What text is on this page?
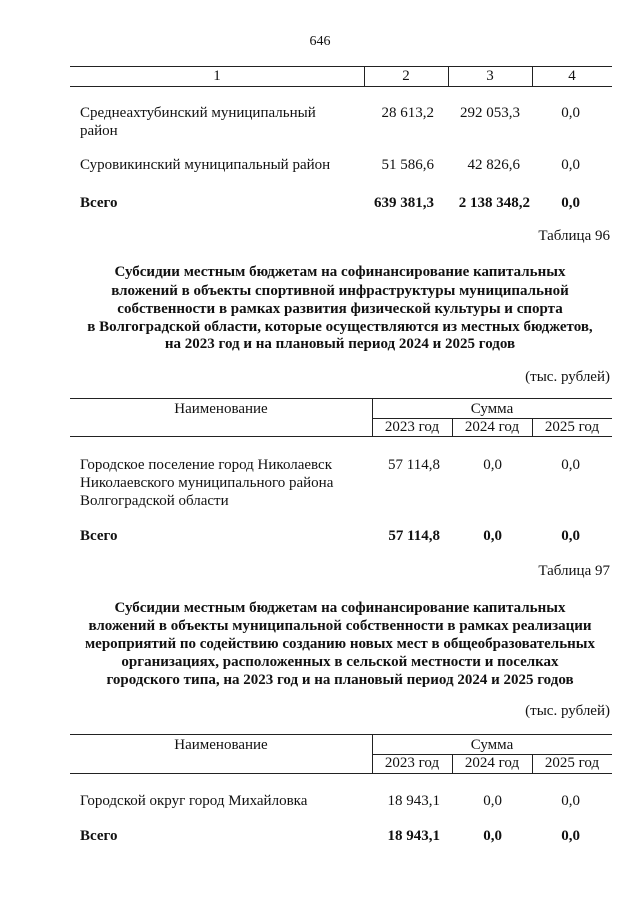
646
1	2	3	4
Среднеахтубинский муниципальный район
28 613,2	292 053,3	0,0
Суровикинский муниципальный район	51 586,6	42 826,6	0,0
Всего	639 381,3	2 138 348,2	0,0
Таблица 96
Субсидии местным бюджетам на софинансирование капитальных
вложений в объекты спортивной инфраструктуры муниципальной
собственности в рамках развития физической культуры и спорта
в Волгоградской области, которые осуществляются из местных бюджетов,
на 2023 год и на плановый период 2024 и 2025 годов
(тыс. рублей)
Наименование	Сумма
2023 год	2024 год	2025 год
Городское поселение город Николаевск
Николаевского муниципального района
Волгоградской области
57 114,8	0,0	0,0
Всего	57 114,8	0,0	0,0
Таблица 97
Субсидии местным бюджетам на софинансирование капитальных
вложений в объекты муниципальной собственности в рамках реализации
мероприятий по содействию созданию новых мест в общеобразовательных
организациях, расположенных в сельской местности и поселках
городского типа, на 2023 год и на плановый период 2024 и 2025 годов
(тыс. рублей)
Наименование	Сумма
2023 год	2024 год	2025 год
Городской округ город Михайловка	18 943,1	0,0	0,0
Всего	18 943,1	0,0	0,0
